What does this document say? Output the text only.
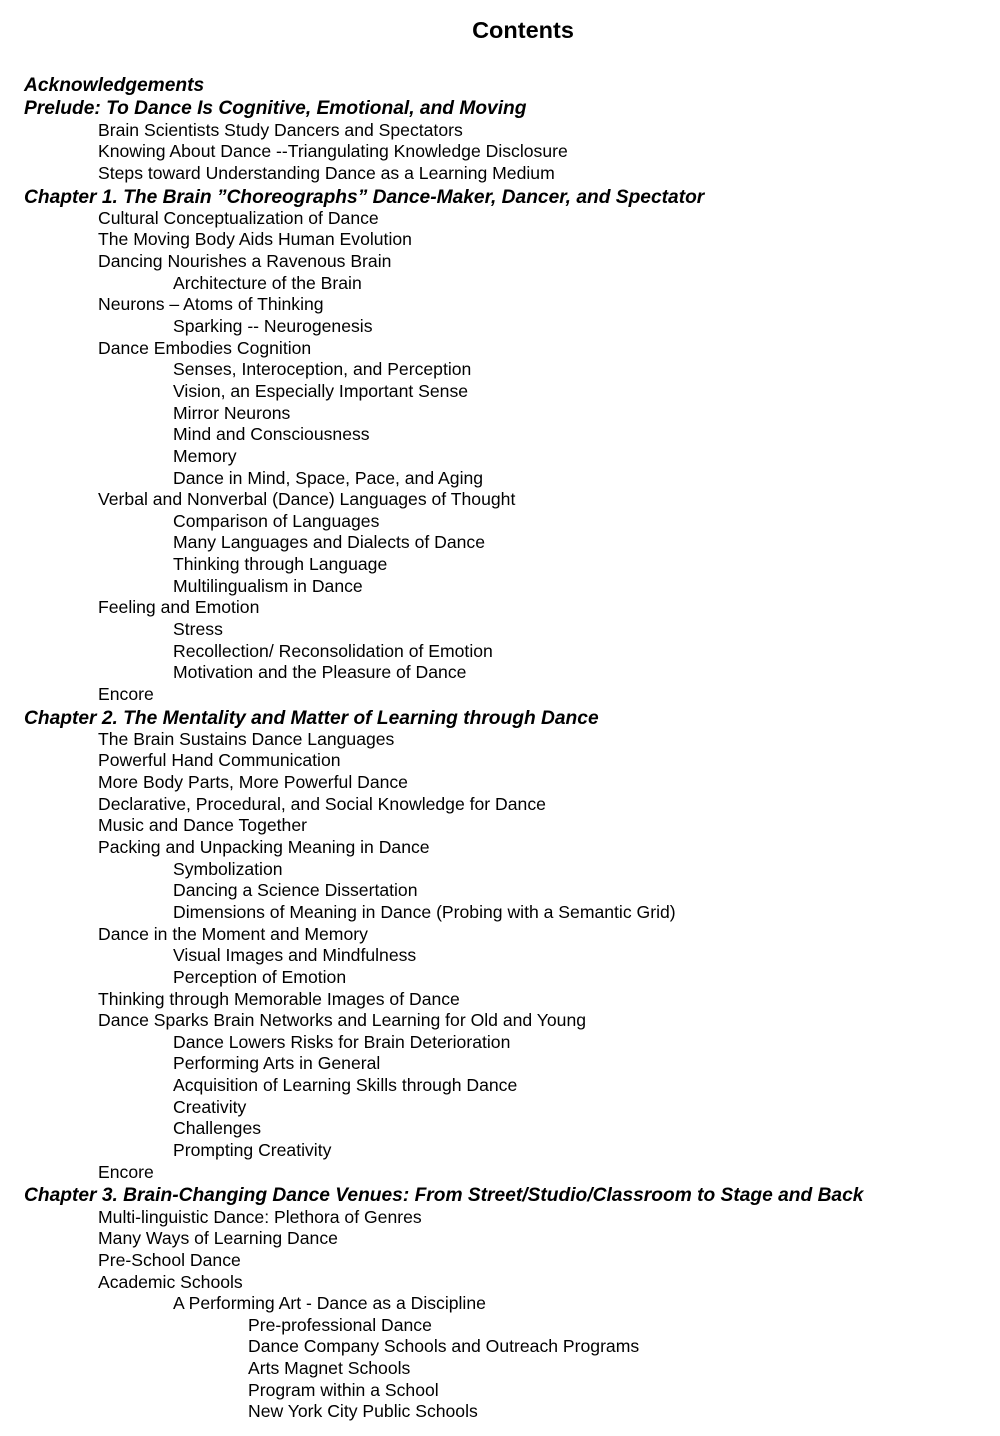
Contents
Acknowledgements
Prelude: To Dance Is Cognitive, Emotional, and Moving
Brain Scientists Study Dancers and Spectators
Knowing About Dance --Triangulating Knowledge Disclosure
Steps toward Understanding Dance as a Learning Medium
Chapter 1. The Brain ”Choreographs” Dance-Maker, Dancer, and Spectator
Cultural Conceptualization of Dance
The Moving Body Aids Human Evolution
Dancing Nourishes a Ravenous Brain
Architecture of the Brain
Neurons – Atoms of Thinking
Sparking -- Neurogenesis
Dance Embodies Cognition
Senses, Interoception, and Perception
Vision, an Especially Important Sense
Mirror Neurons
Mind and Consciousness
Memory
Dance in Mind, Space, Pace, and Aging
Verbal and Nonverbal (Dance) Languages of Thought
Comparison of Languages
Many Languages and Dialects of Dance
Thinking through Language
Multilingualism in Dance
Feeling and Emotion
Stress
Recollection/ Reconsolidation of Emotion
Motivation and the Pleasure of Dance
Encore
Chapter 2. The Mentality and Matter of Learning through Dance
The Brain Sustains Dance Languages
Powerful Hand Communication
More Body Parts, More Powerful Dance
Declarative, Procedural, and Social Knowledge for Dance
Music and Dance Together
Packing and Unpacking Meaning in Dance
Symbolization
Dancing a Science Dissertation
Dimensions of Meaning in Dance (Probing with a Semantic Grid)
Dance in the Moment and Memory
Visual Images and Mindfulness
Perception of Emotion
Thinking through Memorable Images of Dance
Dance Sparks Brain Networks and Learning for Old and Young
Dance Lowers Risks for Brain Deterioration
Performing Arts in General
Acquisition of Learning Skills through Dance
Creativity
Challenges
Prompting Creativity
Encore
Chapter 3. Brain-Changing Dance Venues: From Street/Studio/Classroom to Stage and Back
Multi-linguistic Dance: Plethora of Genres
Many Ways of Learning Dance
Pre-School Dance
Academic Schools
A Performing Art - Dance as a Discipline
Pre-professional Dance
Dance Company Schools and Outreach Programs
Arts Magnet Schools
Program within a School
New York City Public Schools
